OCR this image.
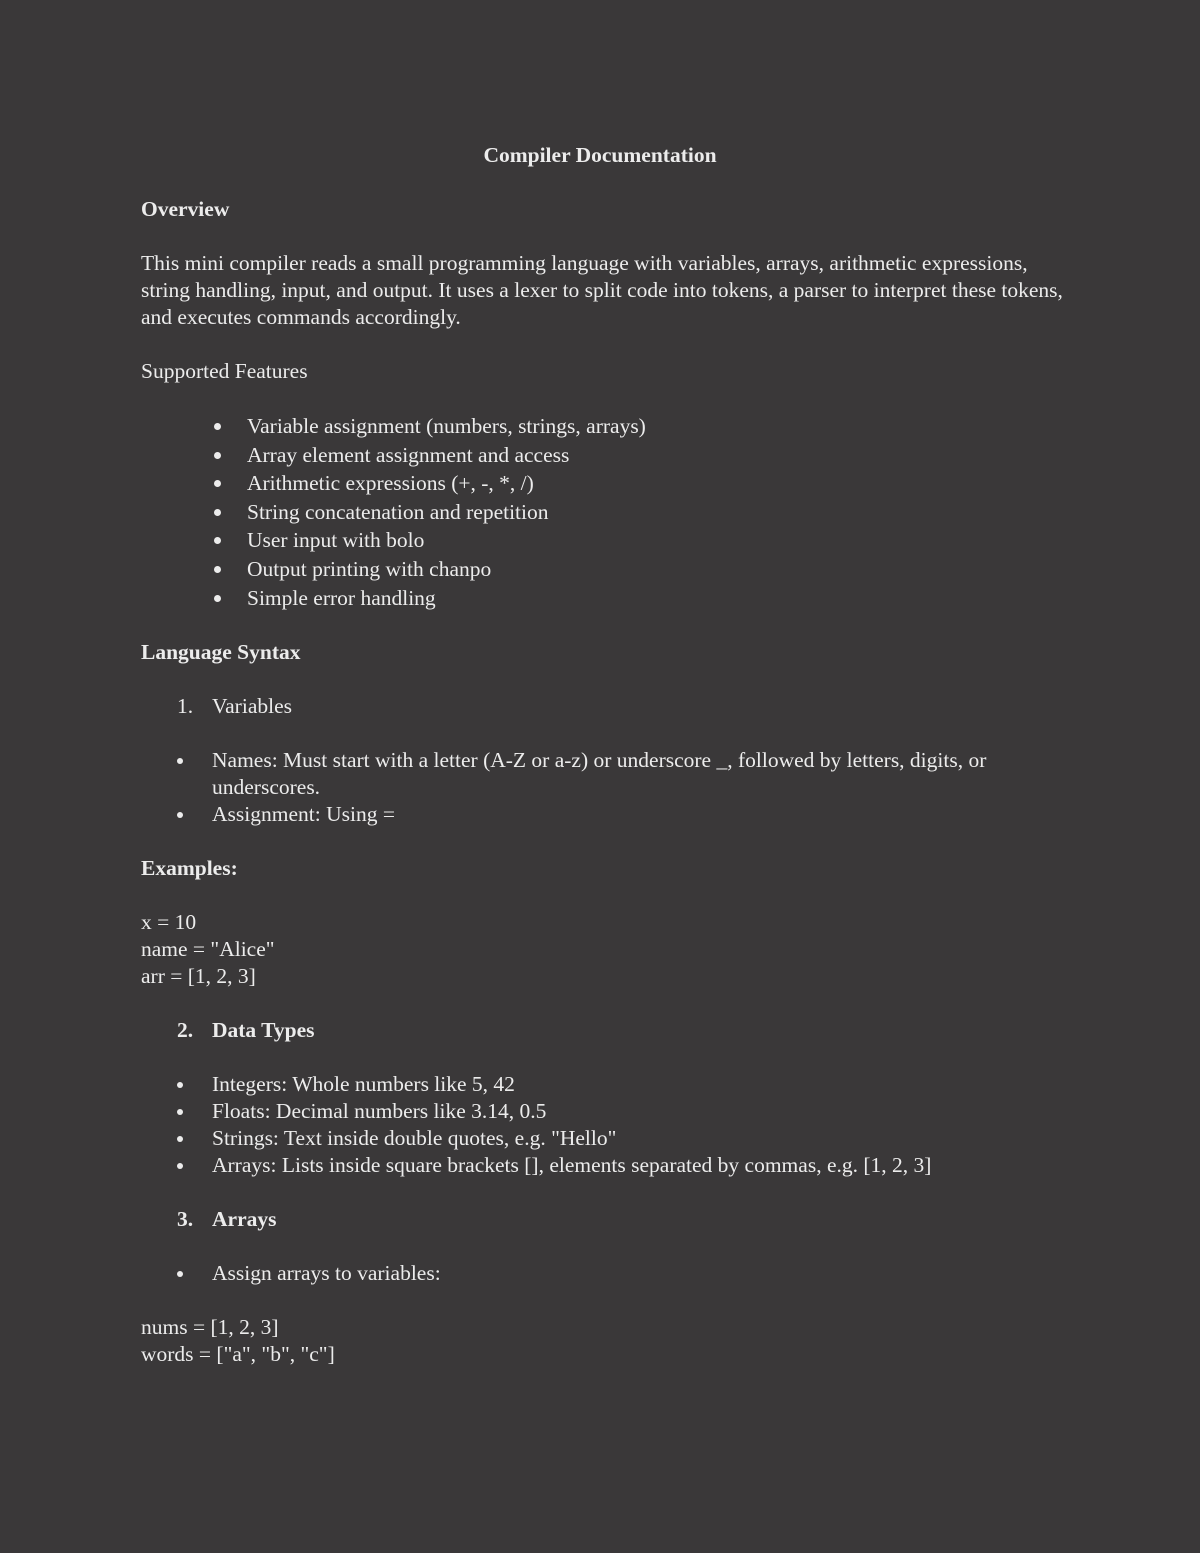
Compiler Documentation
Overview

This mini compiler reads a small programming language with variables, arrays, arithmetic expressions, string handling, input, and output. It uses a lexer to split code into tokens, a parser to interpret these tokens, and executes commands accordingly.

Supported Features
Variable assignment (numbers, strings, arrays)
Array element assignment and access
Arithmetic expressions (+, -, *, /)
String concatenation and repetition
User input with bolo
Output printing with chanpo
Simple error handling
Language Syntax
1. Variables
Names: Must start with a letter (A-Z or a-z) or underscore _, followed by letters, digits, or underscores.
Assignment: Using =
Examples:
x = 10
name = "Alice"
arr = [1, 2, 3]
2. Data Types
Integers: Whole numbers like 5, 42
Floats: Decimal numbers like 3.14, 0.5
Strings: Text inside double quotes, e.g. "Hello"
Arrays: Lists inside square brackets [], elements separated by commas, e.g. [1, 2, 3]
3. Arrays
Assign arrays to variables:
nums = [1, 2, 3]
words = ["a", "b", "c"]
